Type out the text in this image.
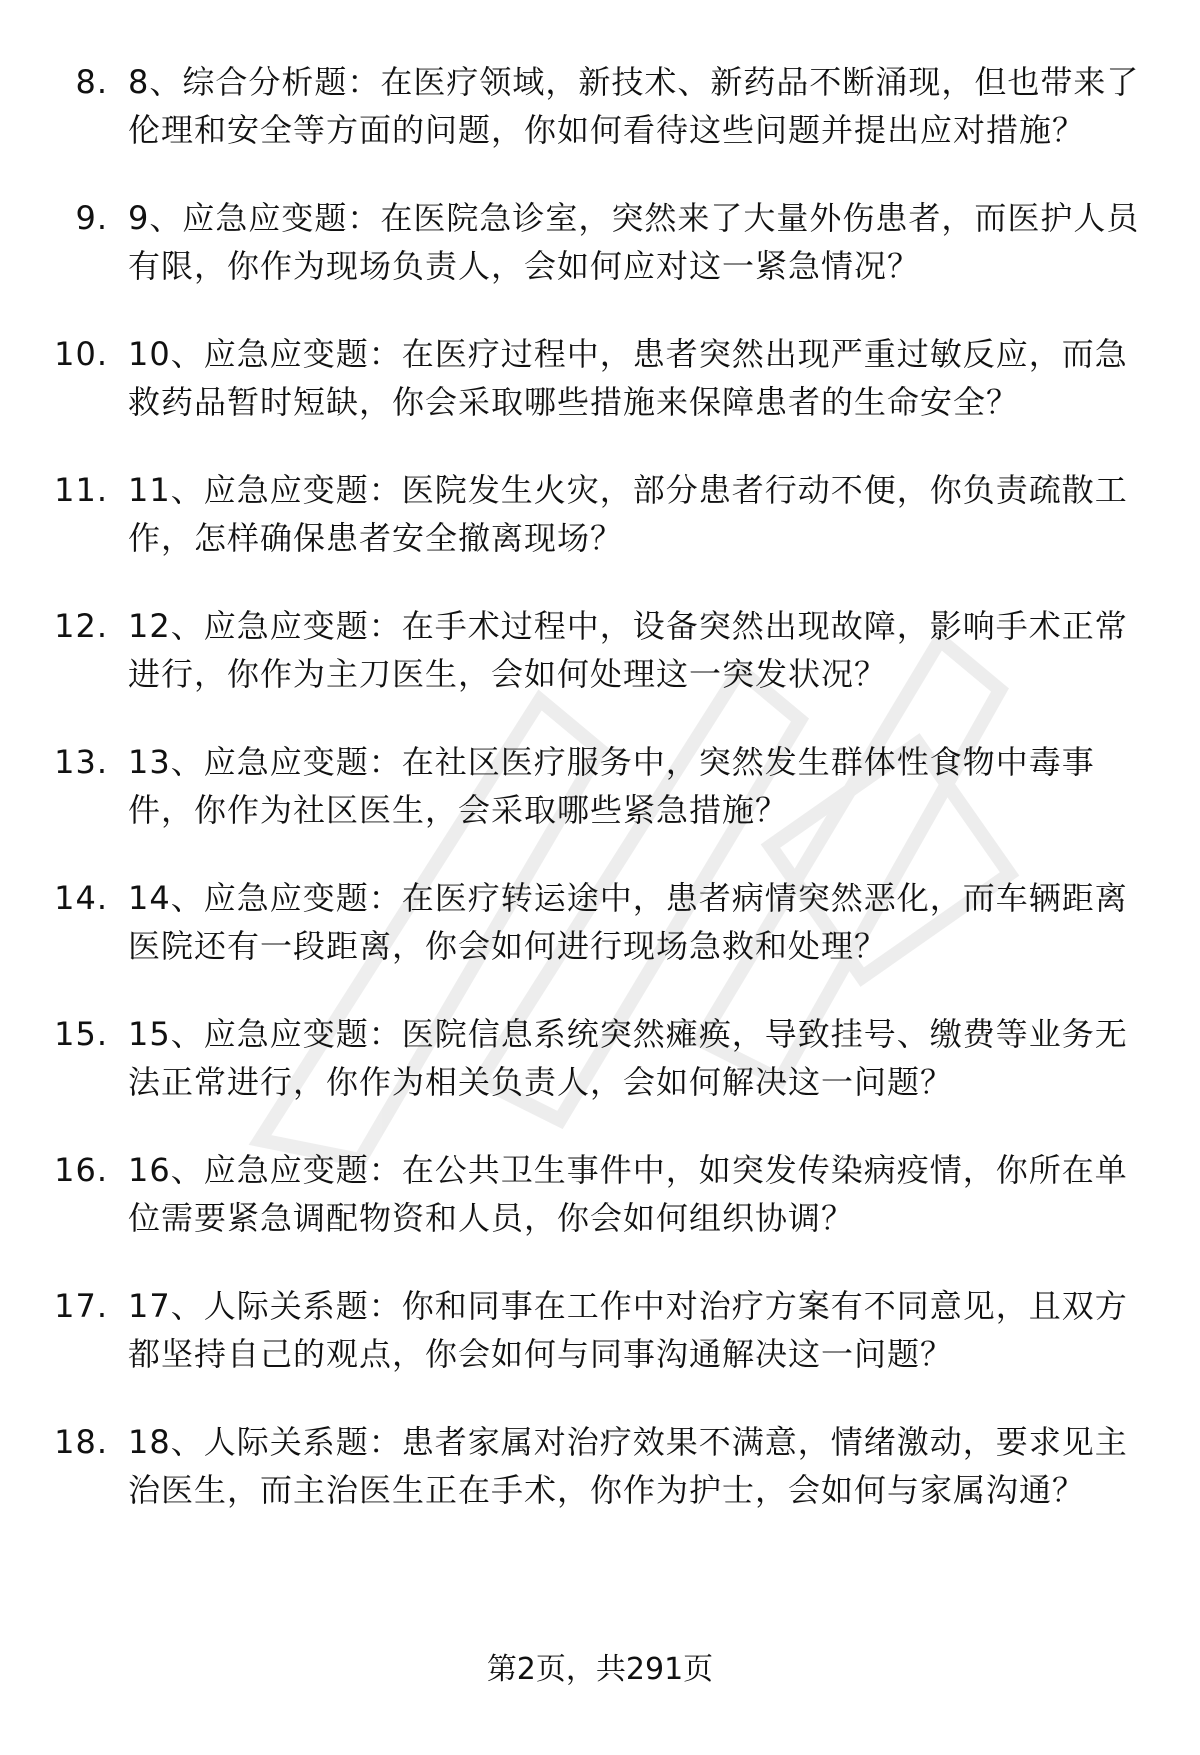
8. 8、综合分析题：在医疗领域，新技术、新药品不断涌现，但也带来了伦理和安全等方面的问题，你如何看待这些问题并提出应对措施？
9. 9、应急应变题：在医院急诊室，突然来了大量外伤患者，而医护人员有限，你作为现场负责人，会如何应对这一紧急情况？
10. 10、应急应变题：在医疗过程中，患者突然出现严重过敏反应，而急救药品暂时短缺，你会采取哪些措施来保障患者的生命安全？
11. 11、应急应变题：医院发生火灾，部分患者行动不便，你负责疏散工作，怎样确保患者安全撤离现场？
12. 12、应急应变题：在手术过程中，设备突然出现故障，影响手术正常进行，你作为主刀医生，会如何处理这一突发状况？
13. 13、应急应变题：在社区医疗服务中，突然发生群体性食物中毒事件，你作为社区医生，会采取哪些紧急措施？
14. 14、应急应变题：在医疗转运途中，患者病情突然恶化，而车辆距离医院还有一段距离，你会如何进行现场急救和处理？
15. 15、应急应变题：医院信息系统突然瘫痪，导致挂号、缴费等业务无法正常进行，你作为相关负责人，会如何解决这一问题？
16. 16、应急应变题：在公共卫生事件中，如突发传染病疫情，你所在单位需要紧急调配物资和人员，你会如何组织协调？
17. 17、人际关系题：你和同事在工作中对治疗方案有不同意见，且双方都坚持自己的观点，你会如何与同事沟通解决这一问题？
18. 18、人际关系题：患者家属对治疗效果不满意，情绪激动，要求见主治医生，而主治医生正在手术，你作为护士，会如何与家属沟通？
第2页，共291页
